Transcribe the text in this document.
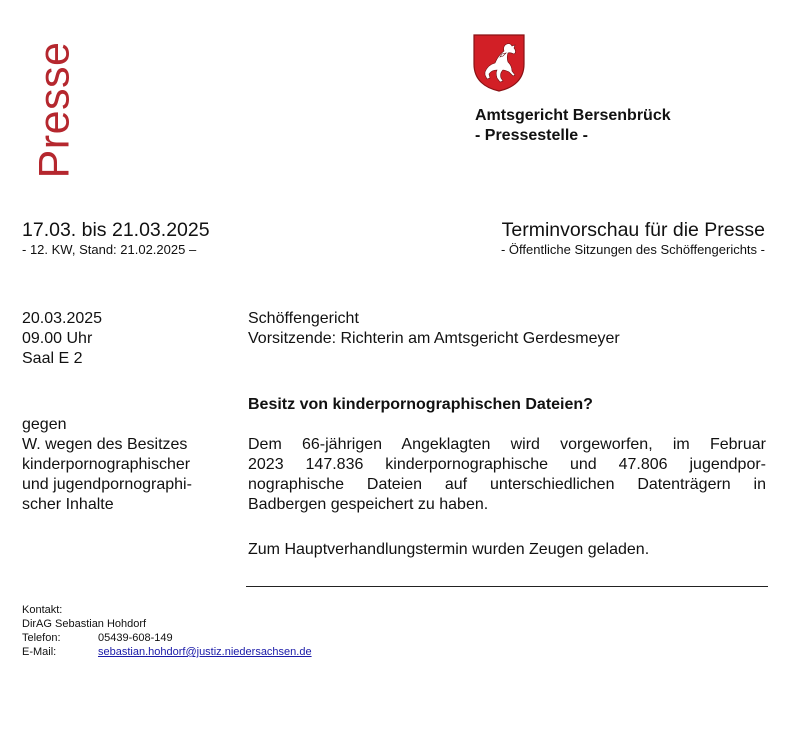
Presse	Amtsgericht Bersenbrück
- Pressestelle -
17.03. bis 21.03.2025
- 12. KW, Stand: 21.02.2025 –
Terminvorschau für die Presse
- Öffentliche Sitzungen des Schöffengerichts -
20.03.2025
09.00 Uhr
Saal E 2
gegen
W. wegen des Besitzes
kinderpornographischer
und jugendpornographi-
scher Inhalte
Schöffengericht
Vorsitzende: Richterin am Amtsgericht Gerdesmeyer
Besitz von kinderpornographischen Dateien?
Dem 66-jährigen Angeklagten wird vorgeworfen, im Februar
2023 147.836 kinderpornographische und 47.806 jugendpor-
nographische Dateien auf unterschiedlichen Datenträgern in
Badbergen gespeichert zu haben.
Zum Hauptverhandlungstermin wurden Zeugen geladen.
Kontakt:
DirAG Sebastian Hohdorf
Telefon:	05439-608-149
E-Mail:	sebastian.hohdorf@justiz.niedersachsen.de
